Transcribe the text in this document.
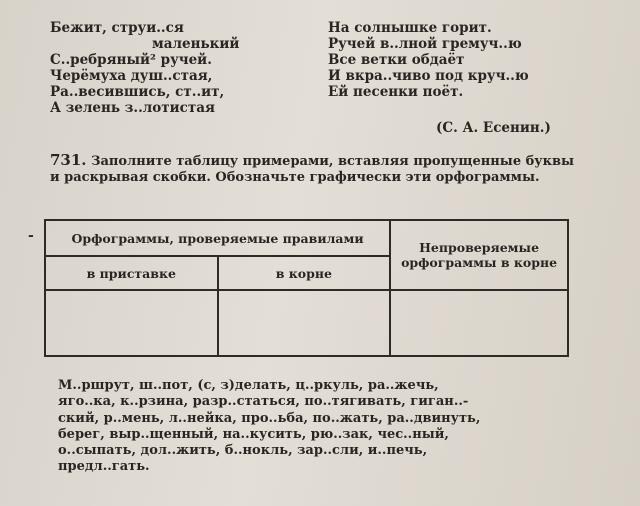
Бежит, струи..ся
маленький
С..ребряный² ручей.
Черёмуха душ..стая,
Ра..весившись, ст..ит,
А зелень з..лотистая
На солнышке горит.
Ручей в..лной гремуч..ю
Все ветки обдаёт
И вкра..чиво под круч..ю
Ей песенки поёт.
(С. А. Есенин.)
731. Заполните таблицу примерами, вставляя пропущенные буквы и раскрывая скобки. Обозначьте графически эти орфограммы.
-	Орфограммы, проверяемые правилами		Непроверяемые орфограммы в корне
в приставке	в корне	

М..ршрут, ш..пот, (с, з)делать, ц..ркуль, ра..жечь,
яго..ка, к..рзина, разр..статься, по..тягивать, гиган..-
ский, р..мень, л..нейка, про..ьба, по..жать, ра..двинуть,
берег, выр..щенный, на..кусить, рю..зак, чес..ный,
о..сыпать, дол..жить, б..нокль, зар..сли, и..печь,
предл..гать.
